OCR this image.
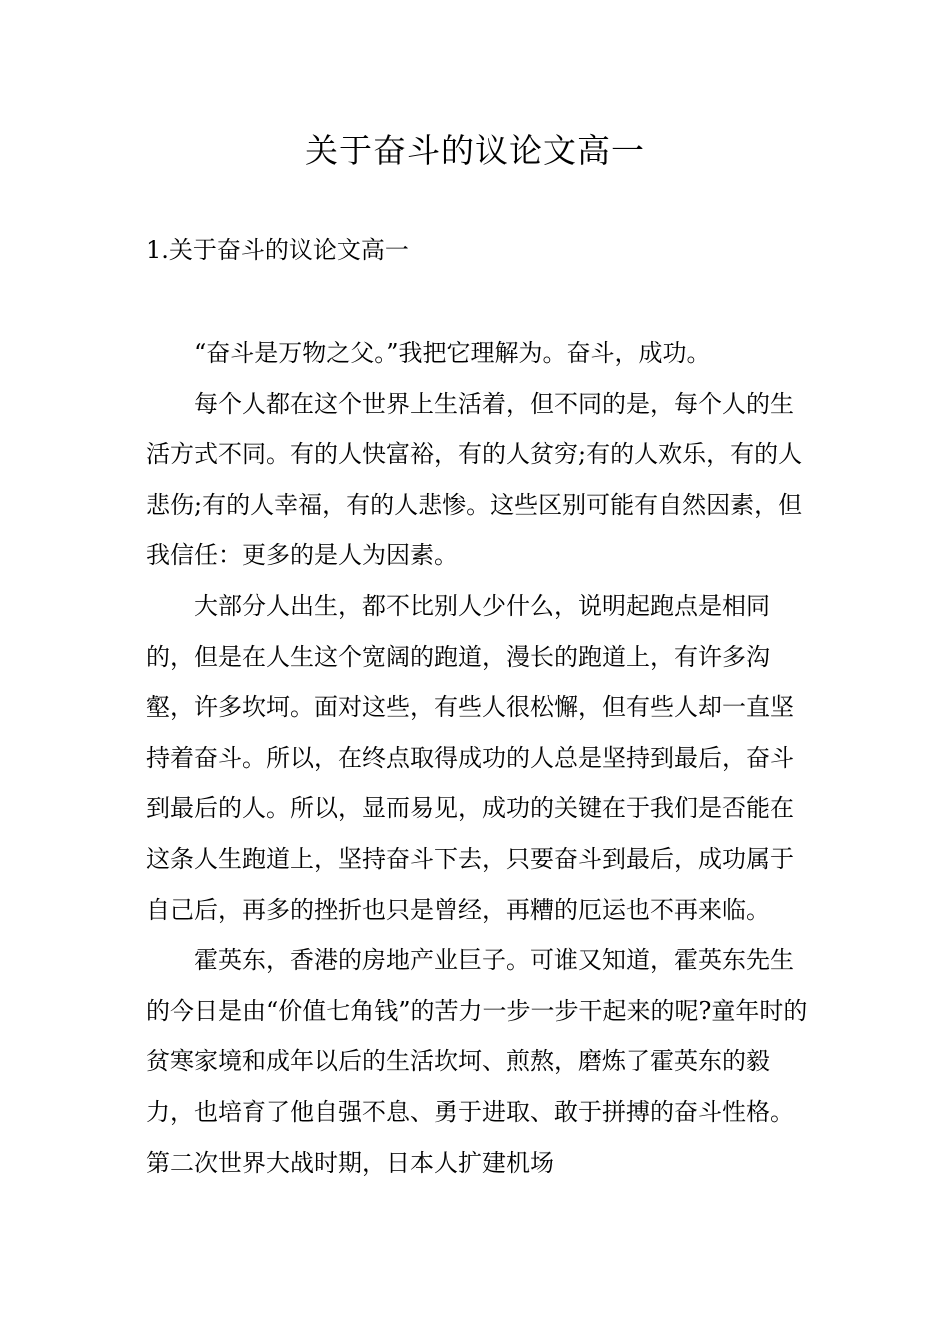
关于奋斗的议论文高一
1.关于奋斗的议论文高一

“奋斗是万物之父。”我把它理解为。奋斗，成功。

每个人都在这个世界上生活着，但不同的是，每个人的生活方式不同。有的人快富裕，有的人贫穷;有的人欢乐，有的人悲伤;有的人幸福，有的人悲惨。这些区别可能有自然因素，但我信任：更多的是人为因素。

大部分人出生，都不比别人少什么，说明起跑点是相同的，但是在人生这个宽阔的跑道，漫长的跑道上，有许多沟壑，许多坎坷。面对这些，有些人很松懈，但有些人却一直坚持着奋斗。所以，在终点取得成功的人总是坚持到最后，奋斗到最后的人。所以，显而易见，成功的关键在于我们是否能在这条人生跑道上，坚持奋斗下去，只要奋斗到最后，成功属于自己后，再多的挫折也只是曾经，再糟的厄运也不再来临。

霍英东，香港的房地产业巨子。可谁又知道，霍英东先生的今日是由“价值七角钱”的苦力一步一步干起来的呢?童年时的贫寒家境和成年以后的生活坎坷、煎熬，磨炼了霍英东的毅力，也培育了他自强不息、勇于进取、敢于拼搏的奋斗性格。第二次世界大战时期，日本人扩建机场
